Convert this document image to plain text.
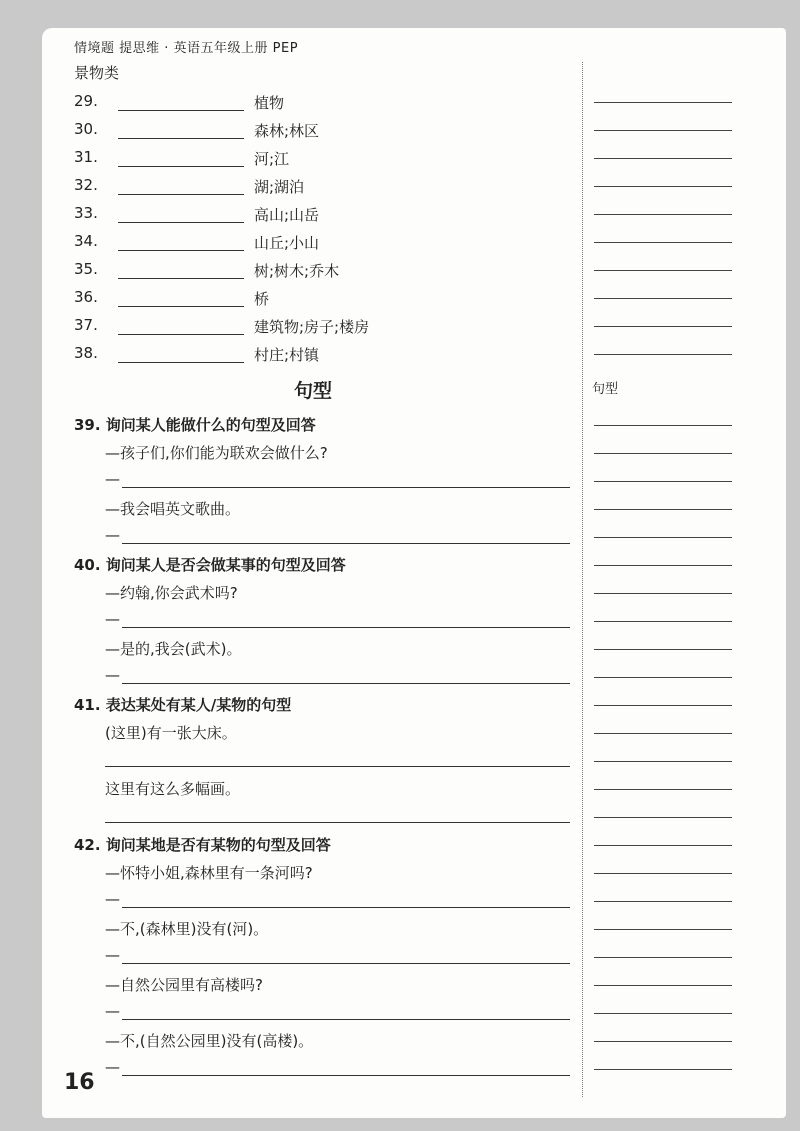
情境题 提思维 · 英语五年级上册 PEP
景物类
29.	植物
30.	森林;林区
31.	河;江
32.	湖;湖泊
33.	高山;山岳
34.	山丘;小山
35.	树;树木;乔木
36.	桥
37.	建筑物;房子;楼房
38.	村庄;村镇
句型	句型
39. 询问某人能做什么的句型及回答
—孩子们,你们能为联欢会做什么?
—
—我会唱英文歌曲。
—
40. 询问某人是否会做某事的句型及回答
—约翰,你会武术吗?
—
—是的,我会(武术)。
—
41. 表达某处有某人/某物的句型
(这里)有一张大床。
这里有这么多幅画。
42. 询问某地是否有某物的句型及回答
—怀特小姐,森林里有一条河吗?
—
—不,(森林里)没有(河)。
—
—自然公园里有高楼吗?
—
—不,(自然公园里)没有(高楼)。
—
16
